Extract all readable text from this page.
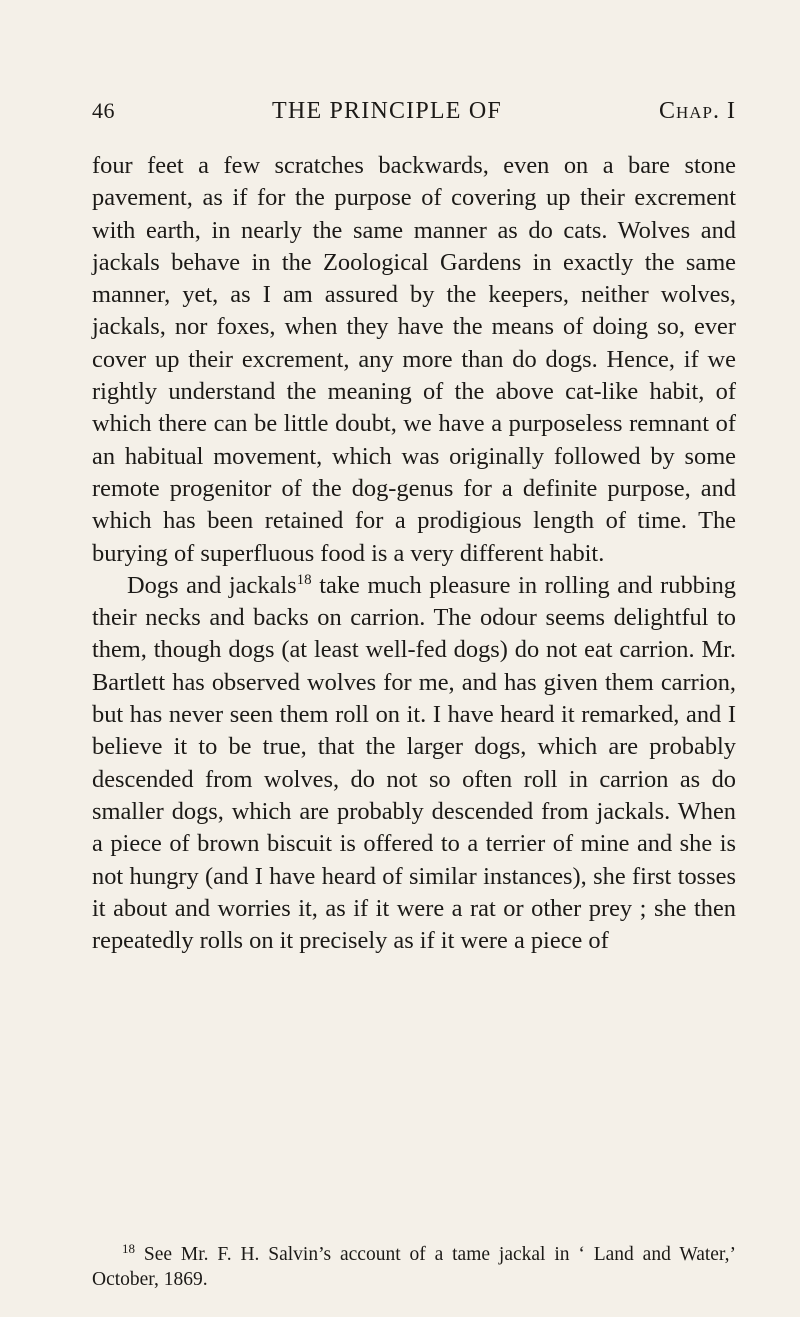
46	THE PRINCIPLE OF	Chap. I

four feet a few scratches backwards, even on a bare stone pavement, as if for the purpose of covering up their excrement with earth, in nearly the same manner as do cats. Wolves and jackals behave in the Zoological Gardens in exactly the same manner, yet, as I am assured by the keepers, neither wolves, jackals, nor foxes, when they have the means of doing so, ever cover up their excrement, any more than do dogs. Hence, if we rightly understand the meaning of the above cat-like habit, of which there can be little doubt, we have a purposeless remnant of an habitual movement, which was originally followed by some remote progenitor of the dog-genus for a definite purpose, and which has been retained for a prodigious length of time. The burying of superfluous food is a very different habit.

Dogs and jackals$^{18}$ take much pleasure in rolling and rubbing their necks and backs on carrion. The odour seems delightful to them, though dogs (at least well-fed dogs) do not eat carrion. Mr. Bartlett has observed wolves for me, and has given them carrion, but has never seen them roll on it. I have heard it remarked, and I believe it to be true, that the larger dogs, which are probably descended from wolves, do not so often roll in carrion as do smaller dogs, which are probably descended from jackals. When a piece of brown biscuit is offered to a terrier of mine and she is not hungry (and I have heard of similar instances), she first tosses it about and worries it, as if it were a rat or other prey ; she then repeatedly rolls on it precisely as if it were a piece of

$^{18}$ See Mr. F. H. Salvin’s account of a tame jackal in ‘ Land and Water,’ October, 1869.
